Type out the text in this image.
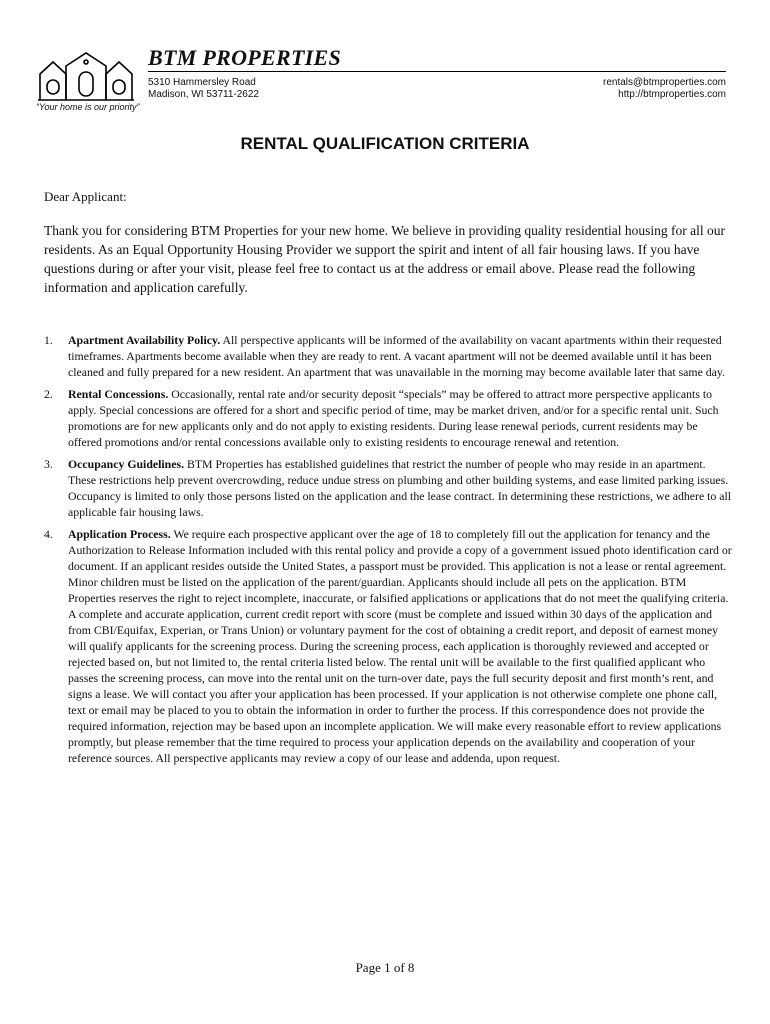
“Your home is our priority”
BTM PROPERTIES
5310 Hammersley Road
Madison, WI 53711-2622
rentals@btmproperties.com
http://btmproperties.com
RENTAL QUALIFICATION CRITERIA
Dear Applicant:

Thank you for considering BTM Properties for your new home. We believe in providing quality residential housing for all our residents. As an Equal Opportunity Housing Provider we support the spirit and intent of all fair housing laws. If you have questions during or after your visit, please feel free to contact us at the address or email above. Please read the following information and application carefully.

1. Apartment Availability Policy. All perspective applicants will be informed of the availability on vacant apartments within their requested timeframes. Apartments become available when they are ready to rent. A vacant apartment will not be deemed available until it has been cleaned and fully prepared for a new resident. An apartment that was unavailable in the morning may become available later that same day.
2. Rental Concessions. Occasionally, rental rate and/or security deposit “specials” may be offered to attract more perspective applicants to apply. Special concessions are offered for a short and specific period of time, may be market driven, and/or for a specific rental unit. Such promotions are for new applicants only and do not apply to existing residents. During lease renewal periods, current residents may be offered promotions and/or rental concessions available only to existing residents to encourage renewal and retention.
3. Occupancy Guidelines. BTM Properties has established guidelines that restrict the number of people who may reside in an apartment. These restrictions help prevent overcrowding, reduce undue stress on plumbing and other building systems, and ease limited parking issues. Occupancy is limited to only those persons listed on the application and the lease contract. In determining these restrictions, we adhere to all applicable fair housing laws.
4. Application Process. We require each prospective applicant over the age of 18 to completely fill out the application for tenancy and the Authorization to Release Information included with this rental policy and provide a copy of a government issued photo identification card or document. If an applicant resides outside the United States, a passport must be provided. This application is not a lease or rental agreement. Minor children must be listed on the application of the parent/guardian. Applicants should include all pets on the application. BTM Properties reserves the right to reject incomplete, inaccurate, or falsified applications or applications that do not meet the qualifying criteria. A complete and accurate application, current credit report with score (must be complete and issued within 30 days of the application and from CBI/Equifax, Experian, or Trans Union) or voluntary payment for the cost of obtaining a credit report, and deposit of earnest money will qualify applicants for the screening process. During the screening process, each application is thoroughly reviewed and accepted or rejected based on, but not limited to, the rental criteria listed below. The rental unit will be available to the first qualified applicant who passes the screening process, can move into the rental unit on the turn-over date, pays the full security deposit and first month’s rent, and signs a lease. We will contact you after your application has been processed. If your application is not otherwise complete one phone call, text or email may be placed to you to obtain the information in order to further the process. If this correspondence does not provide the required information, rejection may be based upon an incomplete application. We will make every reasonable effort to review applications promptly, but please remember that the time required to process your application depends on the availability and cooperation of your reference sources. All perspective applicants may review a copy of our lease and addenda, upon request.
Page 1 of 8
